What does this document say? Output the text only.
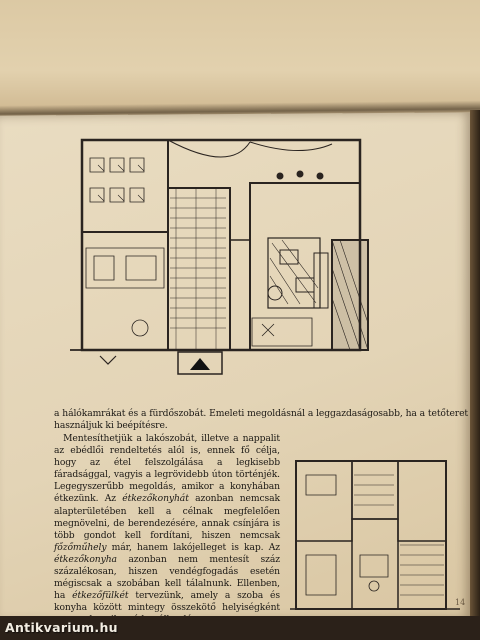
a hálókamrákat és a fürdőszobát. Emeleti megoldásnál a leggazdaságosabb, ha a tetőteret használjuk ki beépítésre.

 Mentesíthetjük a lakószobát, illetve a nappalit az ebédlői rendeltetés alól is, ennek fő célja, hogy az étel felszolgálása a legkisebb fáradsággal, vagyis a legrövidebb úton történjék. Legegyszerűbb megoldás, amikor a konyhában étkezünk. Az étkezőkonyhát azonban nemcsak alapterületében kell a célnak megfelelően megnövelni, de berendezésére, annak csínjára is több gondot kell fordítani, hiszen nemcsak főzőműhely már, hanem lakójelleget is kap. Az étkezőkonyha azonban nem mentesít száz százalékosan, hiszen vendégfogadás esetén mégiscsak a szobában kell tálalnunk. Ellenben, ha étkezőfülkét tervezünk, amely a szoba és konyha között mintegy összekötő helyiségként	14
Antikvarium.hu
